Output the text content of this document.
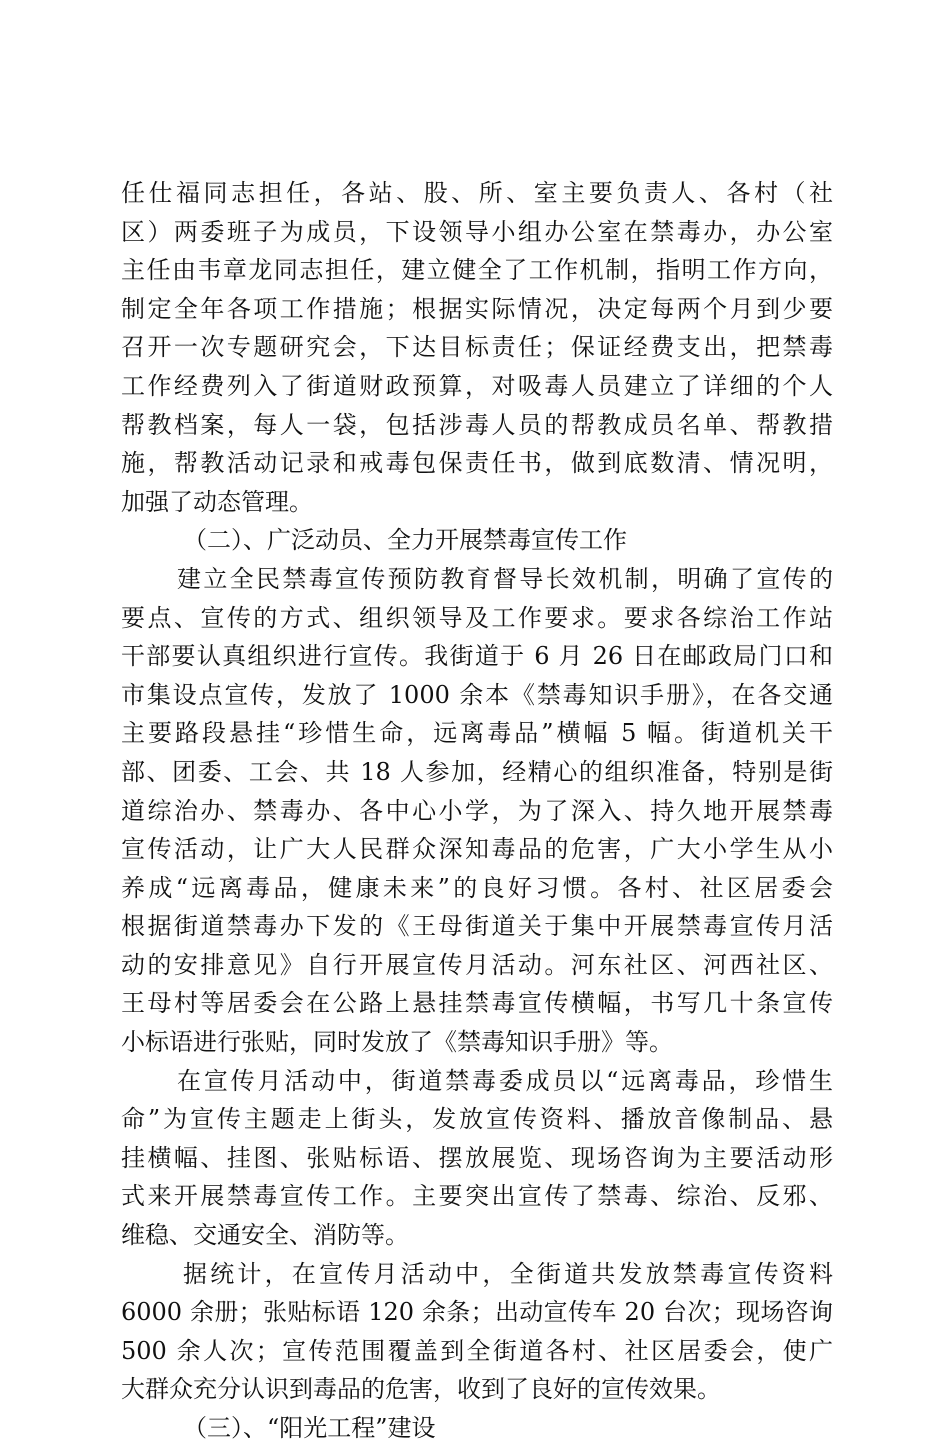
任仕福同志担任，各站、股、所、室主要负责人、各村（社
区）两委班子为成员，下设领导小组办公室在禁毒办，办公室
主任由韦章龙同志担任，建立健全了工作机制，指明工作方向，
制定全年各项工作措施；根据实际情况，决定每两个月到少要
召开一次专题研究会，下达目标责任；保证经费支出，把禁毒
工作经费列入了街道财政预算，对吸毒人员建立了详细的个人
帮教档案，每人一袋，包括涉毒人员的帮教成员名单、帮教措
施，帮教活动记录和戒毒包保责任书，做到底数清、情况明，
加强了动态管理。
（二）、广泛动员、全力开展禁毒宣传工作
建立全民禁毒宣传预防教育督导长效机制，明确了宣传的
要点、宣传的方式、组织领导及工作要求。要求各综治工作站
干部要认真组织进行宣传。我街道于 6 月 26 日在邮政局门口和
市集设点宣传，发放了 1000 余本《禁毒知识手册》，在各交通
主要路段悬挂“珍惜生命，远离毒品”横幅 5 幅。街道机关干
部、团委、工会、共 18 人参加，经精心的组织准备，特别是街
道综治办、禁毒办、各中心小学，为了深入、持久地开展禁毒
宣传活动，让广大人民群众深知毒品的危害，广大小学生从小
养成“远离毒品，健康未来”的良好习惯。各村、社区居委会
根据街道禁毒办下发的《王母街道关于集中开展禁毒宣传月活
动的安排意见》自行开展宣传月活动。河东社区、河西社区、
王母村等居委会在公路上悬挂禁毒宣传横幅，书写几十条宣传
小标语进行张贴，同时发放了《禁毒知识手册》等。
在宣传月活动中，街道禁毒委成员以“远离毒品，珍惜生
命”为宣传主题走上街头，发放宣传资料、播放音像制品、悬
挂横幅、挂图、张贴标语、摆放展览、现场咨询为主要活动形
式来开展禁毒宣传工作。主要突出宣传了禁毒、综治、反邪、
维稳、交通安全、消防等。
据统计，在宣传月活动中，全街道共发放禁毒宣传资料
6000 余册；张贴标语 120 余条；出动宣传车 20 台次；现场咨询
500 余人次；宣传范围覆盖到全街道各村、社区居委会，使广
大群众充分认识到毒品的危害，收到了良好的宣传效果。
（三）、“阳光工程”建设
